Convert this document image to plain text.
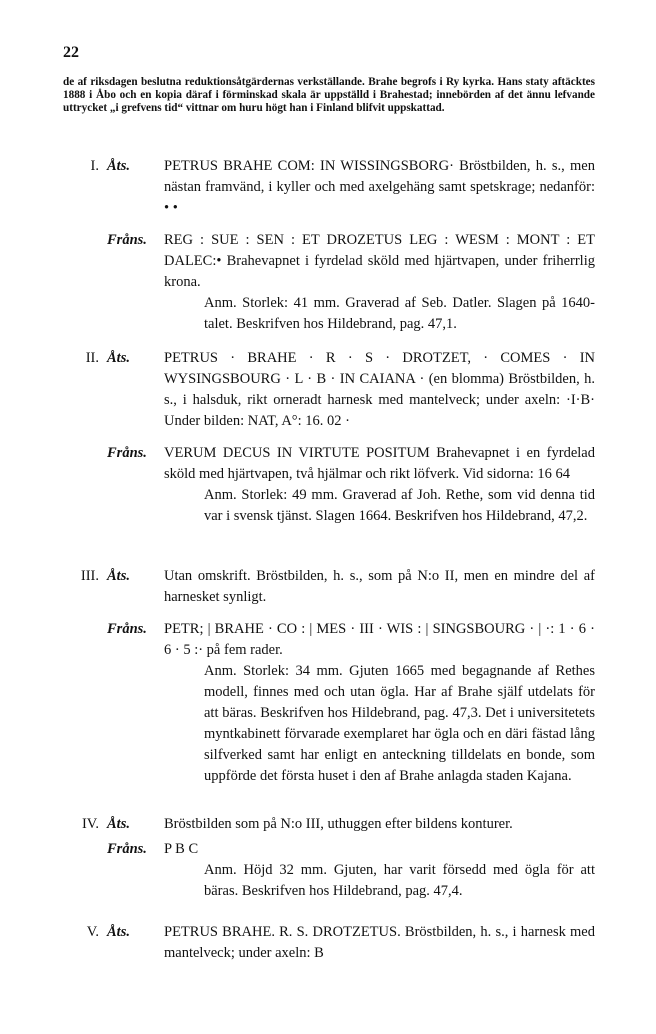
22
de af riksdagen beslutna reduktionsåtgärdernas verkställande. Brahe begrofs i Ry kyrka. Hans staty aftäcktes 1888 i Åbo och en kopia däraf i förminskad skala är uppställd i Brahestad; innebörden af det ännu lefvande uttrycket „i grefvens tid“ vittnar om huru högt han i Finland blifvit uppskattad.
I. Åts.	PETRUS BRAHE COM: IN WISSINGSBORG· Bröstbilden, h. s., men nästan framvänd, i kyller och med axelgehäng samt spetskrage; nedanför: • •
Fråns.	REG : SUE : SEN : ET DROZETUS LEG : WESM : MONT : ET DALEC:• Brahevapnet i fyrdelad sköld med hjärtvapen, under friherrlig krona.
Anm. Storlek: 41 mm. Graverad af Seb. Datler. Slagen på 1640-talet. Beskrifven hos Hildebrand, pag. 47,1.
II. Åts.	PETRUS · BRAHE · R · S · DROTZET, · COMES · IN WYSINGSBOURG · L · B · IN CAIANA · (en blomma) Bröstbilden, h. s., i halsduk, rikt orneradt harnesk med mantelveck; under axeln: ·I·B· Under bilden: NAT, A°: 16. 02 ·
Fråns.	VERUM DECUS IN VIRTUTE POSITUM Brahevapnet i en fyrdelad sköld med hjärtvapen, två hjälmar och rikt löfverk. Vid sidorna: 16 64
Anm. Storlek: 49 mm. Graverad af Joh. Rethe, som vid denna tid var i svensk tjänst. Slagen 1664. Beskrifven hos Hildebrand, 47,2.
III. Åts.	Utan omskrift. Bröstbilden, h. s., som på N:o II, men en mindre del af harnesket synligt.
Fråns.	PETR; | BRAHE · CO : | MES · III · WIS : | SINGSBOURG · | ·: 1 · 6 · 6 · 5 :· på fem rader.
Anm. Storlek: 34 mm. Gjuten 1665 med begagnande af Rethes modell, finnes med och utan ögla. Har af Brahe själf utdelats för att bäras. Beskrifven hos Hildebrand, pag. 47,3. Det i universitetets myntkabinett förvarade exemplaret har ögla och en däri fästad lång silfverked samt har enligt en anteckning tilldelats en bonde, som uppförde det första huset i den af Brahe anlagda staden Kajana.
IV. Åts.	Bröstbilden som på N:o III, uthuggen efter bildens konturer.
Fråns.	P B C
Anm. Höjd 32 mm. Gjuten, har varit försedd med ögla för att bäras. Beskrifven hos Hildebrand, pag. 47,4.
V. Åts.	PETRUS BRAHE. R. S. DROTZETUS. Bröstbilden, h. s., i harnesk med mantelveck; under axeln: B
